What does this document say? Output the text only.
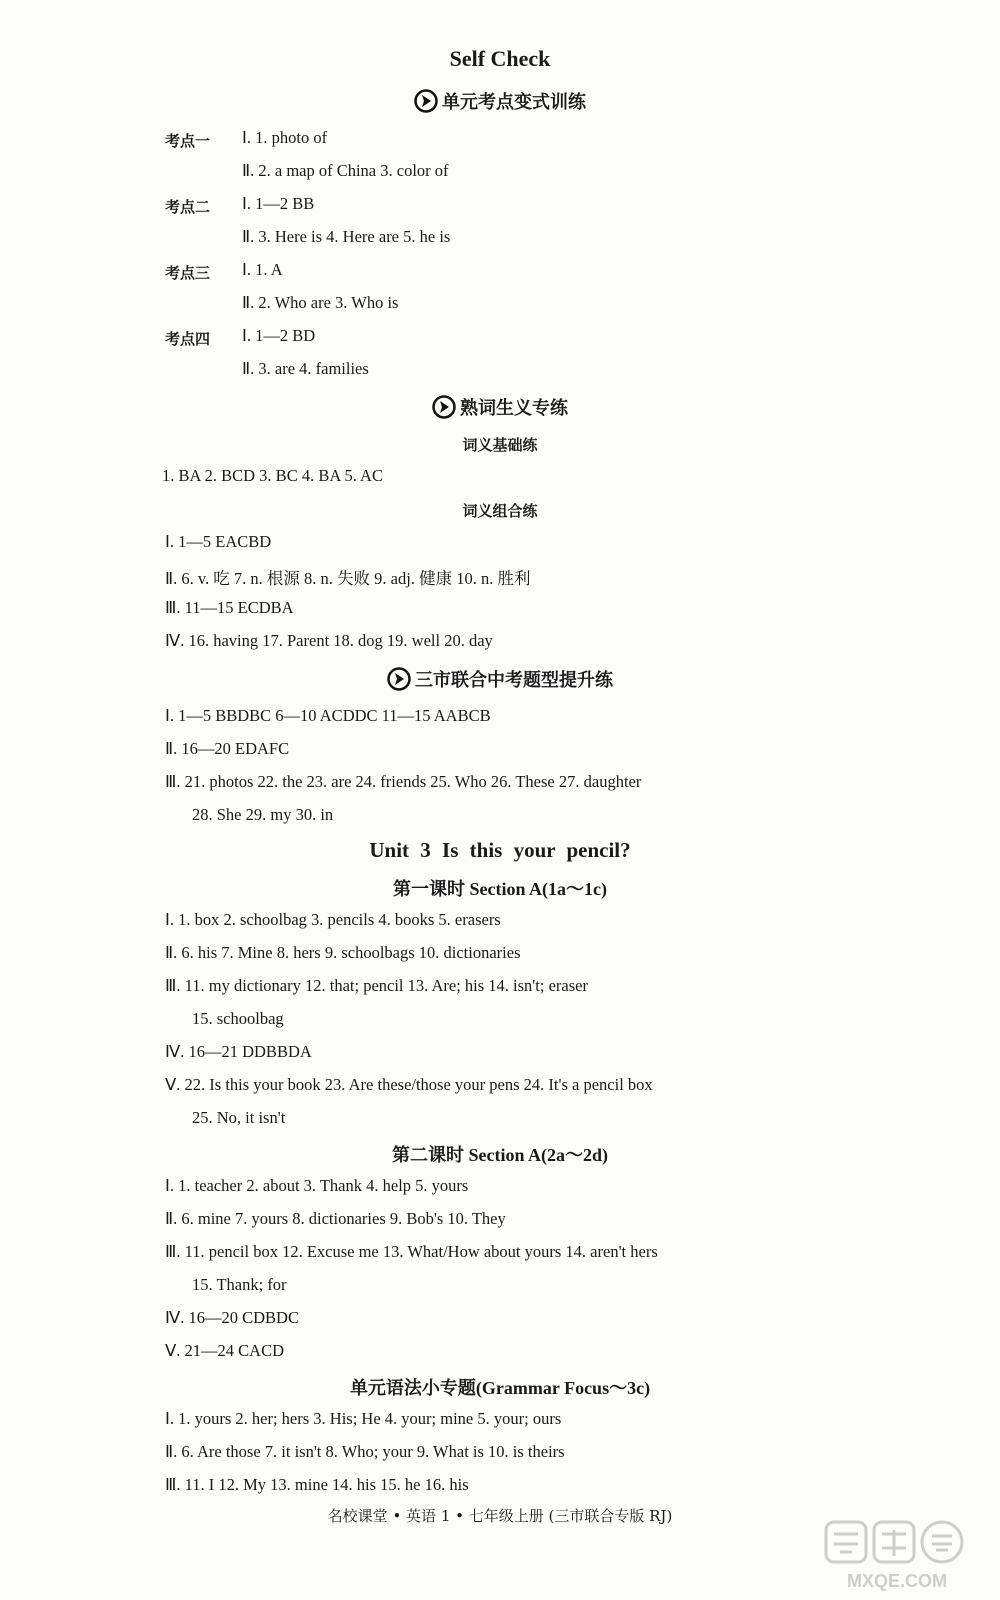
Self Check
单元考点变式训练
考点一 Ⅰ. 1. photo of
Ⅱ. 2. a map of China 3. color of
考点二 Ⅰ. 1—2 BB
Ⅱ. 3. Here is 4. Here are 5. he is
考点三 Ⅰ. 1. A
Ⅱ. 2. Who are 3. Who is
考点四 Ⅰ. 1—2 BD
Ⅱ. 3. are 4. families
熟词生义专练
词义基础练
1. BA 2. BCD 3. BC 4. BA 5. AC
词义组合练
Ⅰ. 1—5 EACBD
Ⅱ. 6. v. 吃 7. n. 根源 8. n. 失败 9. adj. 健康 10. n. 胜利
Ⅲ. 11—15 ECDBA
Ⅳ. 16. having 17. Parent 18. dog 19. well 20. day
三市联合中考题型提升练
Ⅰ. 1—5 BBDBC 6—10 ACDDC 11—15 AABCB
Ⅱ. 16—20 EDAFC
Ⅲ. 21. photos 22. the 23. are 24. friends 25. Who 26. These 27. daughter
28. She 29. my 30. in
Unit 3 Is this your pencil?
第一课时 Section A(1a～1c)
Ⅰ. 1. box 2. schoolbag 3. pencils 4. books 5. erasers
Ⅱ. 6. his 7. Mine 8. hers 9. schoolbags 10. dictionaries
Ⅲ. 11. my dictionary 12. that; pencil 13. Are; his 14. isn't; eraser
15. schoolbag
Ⅳ. 16—21 DDBBDA
Ⅴ. 22. Is this your book 23. Are these/those your pens 24. It's a pencil box
25. No, it isn't
第二课时 Section A(2a～2d)
Ⅰ. 1. teacher 2. about 3. Thank 4. help 5. yours
Ⅱ. 6. mine 7. yours 8. dictionaries 9. Bob's 10. They
Ⅲ. 11. pencil box 12. Excuse me 13. What/How about yours 14. aren't hers
15. Thank; for
Ⅳ. 16—20 CDBDC
Ⅴ. 21—24 CACD
单元语法小专题(Grammar Focus～3c)
Ⅰ. 1. yours 2. her; hers 3. His; He 4. your; mine 5. your; ours
Ⅱ. 6. Are those 7. it isn't 8. Who; your 9. What is 10. is theirs
Ⅲ. 11. I 12. My 13. mine 14. his 15. he 16. his
名校课堂 • 英语 1 • 七年级上册 (三市联合专版 RJ)
MXQE.COM
